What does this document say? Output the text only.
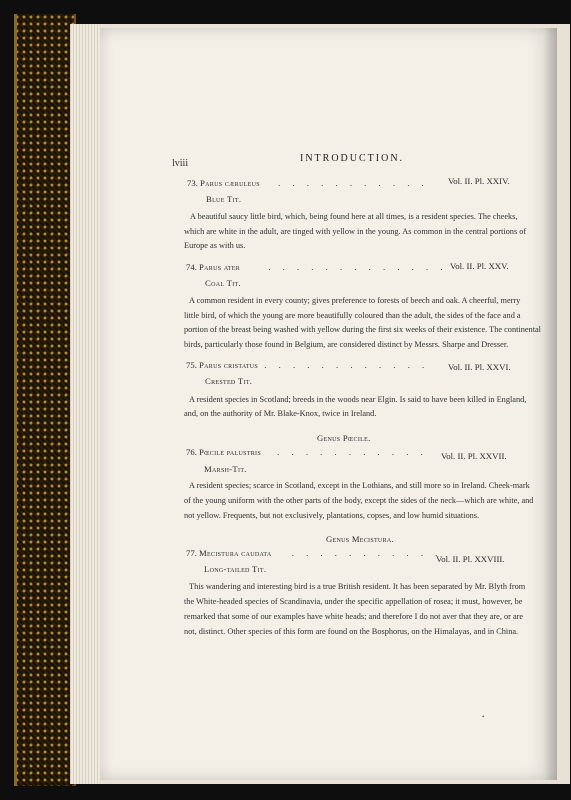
lviii	INTRODUCTION.
73. Parus cæruleus . . . . . . . . . . . Vol. II. Pl. XXIV.
Blue Tit.
A beautiful saucy little bird, which, being found here at all times, is a resident species. The cheeks,
which are white in the adult, are tinged with yellow in the young. As common in the central portions of
Europe as with us.
74. Parus ater	. . . . . . . . . . . . . Vol. II. Pl. XXV.
Coal Tit.
A common resident in every county; gives preference to forests of beech and oak. A cheerful, merry
little bird, of which the young are more beautifully coloured than the adult, the sides of the face and a
portion of the breast being washed with yellow during the first six weeks of their existence. The continental
birds, particularly those found in Belgium, are considered distinct by Messrs. Sharpe and Dresser.
75. Parus cristatus . . . . . . . . . . . . Vol. II. Pl. XXVI.
Crested Tit.
A resident species in Scotland; breeds in the woods near Elgin. Is said to have been killed in England,
and, on the authority of Mr. Blake-Knox, twice in Ireland.
Genus Pœcile.
76. Pœcile palustris . . . . . . . . . . . Vol. II. Pl. XXVII.
Marsh-Tit.
A resident species; scarce in Scotland, except in the Lothians, and still more so in Ireland. Cheek-mark
of the young uniform with the other parts of the body, except the sides of the neck—which are white, and
not yellow. Frequents, but not exclusively, plantations, copses, and low humid situations.
Genus Mecistura.
77. Mecistura caudata . . . . . . . . . . .
Vol. II. Pl. XXVIII.
Long-tailed Tit.
This wandering and interesting bird is a true British resident. It has been separated by Mr. Blyth from
the White-headed species of Scandinavia, under the specific appellation of rosea; it must, however, be
remarked that some of our examples have white heads; and therefore I do not aver that they are, or are
not, distinct. Other species of this form are found on the Bosphorus, on the Himalayas, and in China.
•
